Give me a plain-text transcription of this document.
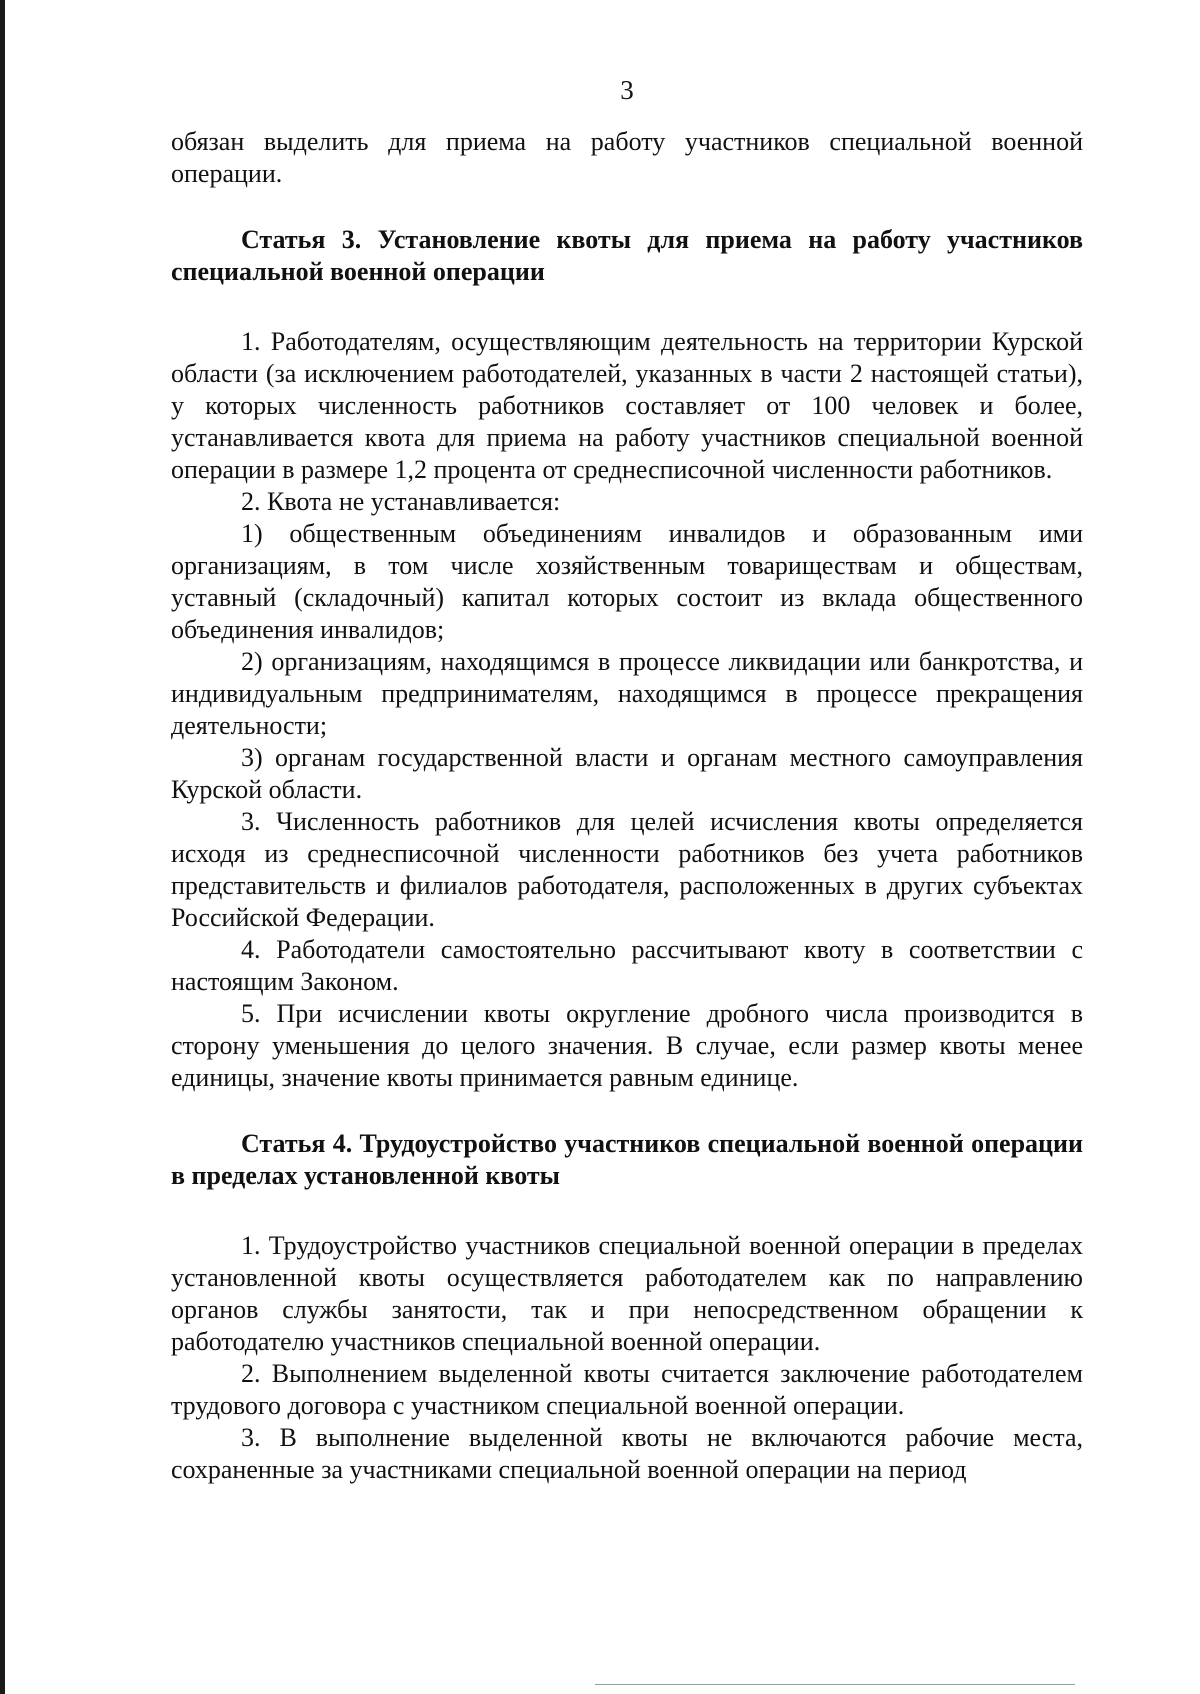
3

обязан выделить для приема на работу участников специальной военной операции.

Статья 3. Установление квоты для приема на работу участников специальной военной операции

1. Работодателям, осуществляющим деятельность на территории Курской области (за исключением работодателей, указанных в части 2 настоящей статьи), у которых численность работников составляет от 100 человек и более, устанавливается квота для приема на работу участников специальной военной операции в размере 1,2 процента от среднесписочной численности работников.

2. Квота не устанавливается:

1) общественным объединениям инвалидов и образованным ими организациям, в том числе хозяйственным товариществам и обществам, уставный (складочный) капитал которых состоит из вклада общественного объединения инвалидов;

2) организациям, находящимся в процессе ликвидации или банкротства, и индивидуальным предпринимателям, находящимся в процессе прекращения деятельности;

3) органам государственной власти и органам местного самоуправления Курской области.

3. Численность работников для целей исчисления квоты определяется исходя из среднесписочной численности работников без учета работников представительств и филиалов работодателя, расположенных в других субъектах Российской Федерации.

4. Работодатели самостоятельно рассчитывают квоту в соответствии с настоящим Законом.

5. При исчислении квоты округление дробного числа производится в сторону уменьшения до целого значения. В случае, если размер квоты менее единицы, значение квоты принимается равным единице.

Статья 4. Трудоустройство участников специальной военной операции в пределах установленной квоты

1. Трудоустройство участников специальной военной операции в пределах установленной квоты осуществляется работодателем как по направлению органов службы занятости, так и при непосредственном обращении к работодателю участников специальной военной операции.

2. Выполнением выделенной квоты считается заключение работодателем трудового договора с участником специальной военной операции.

3. В выполнение выделенной квоты не включаются рабочие места, сохраненные за участниками специальной военной операции на период
